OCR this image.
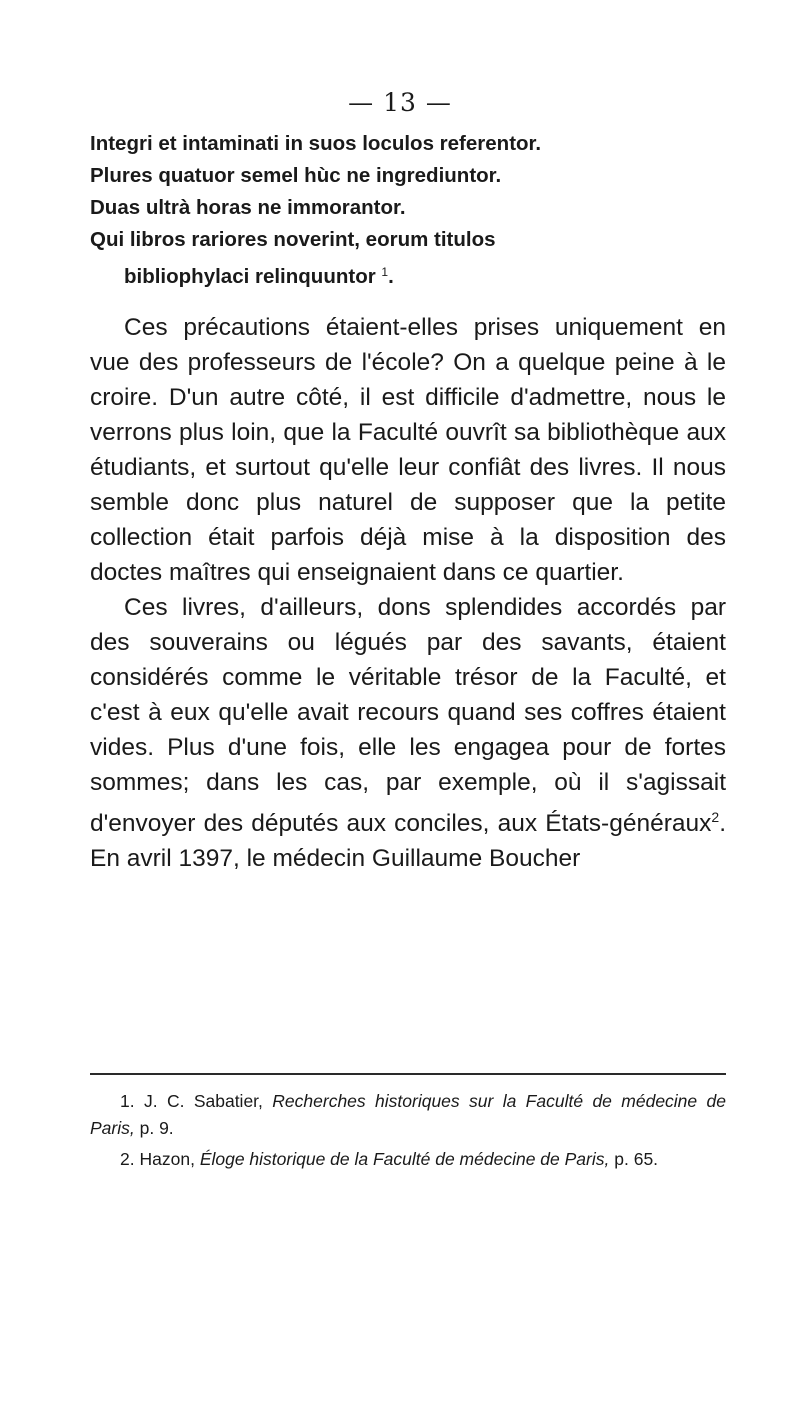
— 13 —
Integri et intaminati in suos loculos referentor.
Plures quatuor semel hùc ne ingrediuntor.
Duas ultrà horas ne immorantor.
Qui libros rariores noverint, eorum titulos
bibliophylaci relinquuntor $^1$.

Ces précautions étaient-elles prises uniquement en vue des professeurs de l'école? On a quelque peine à le croire. D'un autre côté, il est difficile d'admettre, nous le verrons plus loin, que la Faculté ouvrît sa bibliothèque aux étudiants, et surtout qu'elle leur confiât des livres. Il nous semble donc plus naturel de supposer que la petite collection était parfois déjà mise à la disposition des doctes maîtres qui enseignaient dans ce quartier.

Ces livres, d'ailleurs, dons splendides accordés par des souverains ou légués par des savants, étaient considérés comme le véritable trésor de la Faculté, et c'est à eux qu'elle avait recours quand ses coffres étaient vides. Plus d'une fois, elle les engagea pour de fortes sommes; dans les cas, par exemple, où il s'agissait d'envoyer des députés aux conciles, aux États-généraux$^2$. En avril 1397, le médecin Guillaume Boucher

1. J. C. Sabatier, Recherches historiques sur la Faculté de médecine de Paris, p. 9.

2. Hazon, Éloge historique de la Faculté de médecine de Paris, p. 65.
